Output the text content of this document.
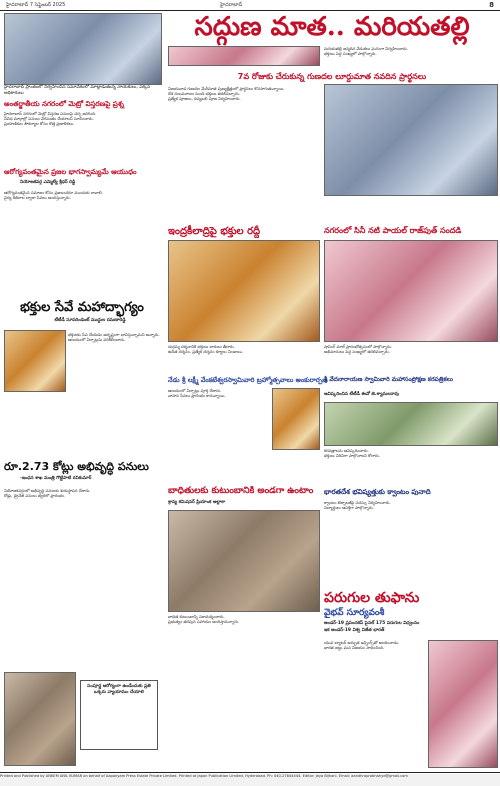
హైదరాబాద్ 7 సెప్టెంబర్ 2025	హైదరాబాద్	8
హైదరాబాద్ ప్రాంతంలో నిర్వహించిన సమావేశంలో మాట్లాడుతున్న నాయకులు, పక్కన అధికారులు
అంతర్జాతీయ నగరంలో మెట్రో విస్తరణపై ప్రశ్న
హైదరాబాద్ నగరంలో మెట్రో విస్తరణ పనులపై చర్చ జరిగింది.
వివిధ మార్గాల్లో పనులు వేగవంతం చేయాలని సూచించారు.
ప్రయాణికుల సౌకర్యాల కోసం కొత్త ప్రణాళికలు.
ఆరోగ్యవంతమైన ప్రజల భాగస్వామ్యమే ఆయుధం
నియోజకవర్గ ఎమ్మెల్యే శ్రీధర్ రెడ్డి
ఆరోగ్యవంతమైన సమాజం కోసం ప్రజలందరూ ముందుకు రావాలి.
వైద్య శిబిరాల ద్వారా సేవలు అందిస్తున్నారు.
భక్తుల సేవే మహాద్భాగ్యం
టీటీడీ సూపరిండెంట్ ముద్దుల రమణారెడ్డి
భక్తులకు సేవ చేయడం అదృష్టంగా భావిస్తున్నామని అన్నారు.
ఆలయంలో ఏర్పాట్లను పరిశీలించారు.
రూ.2.73 కోట్లు అభివృద్ధి పనులు
-ఇంధన శాఖ మంత్రి గొట్టిపాటి రవికుమార్
నియోజకవర్గంలో అభివృద్ధి పనులకు శంకుస్థాపన చేశారు.
రోడ్లు, డ్రైనేజీ పనులు త్వరలో ప్రారంభం.
సంపూర్ణ ఆరోగ్యంగా ఉండేందుకు ప్రతి ఒక్కరు వ్యాయామం చేయాలి
సద్గుణ మాత.. మరియతల్లి
మరియతల్లి జన్మదిన వేడుకలు ఘనంగా నిర్వహించారు.
భక్తులు పెద్ద సంఖ్యలో పాల్గొన్నారు.
7వ రోజుకు చేరుకున్న గుణదల లూర్దుమాత నవదిన ప్రార్థనలు
విజయవాడ గుణదల మేరీమాత పుణ్యక్షేత్రంలో ప్రార్థనలు కొనసాగుతున్నాయి.
దేశ నలుమూలల నుండి భక్తులు తరలివచ్చారు.
ప్రత్యేక పూజలు, దివ్యబలి పూజ నిర్వహించారు.
ఇంద్రకీలాద్రిపై భక్తుల రద్దీ
దుర్గమ్మ దర్శనానికి భక్తులు బారులు తీరారు.
ఉచిత దర్శనం, ప్రత్యేక దర్శనం క్యూలు నిండాయి.
నగరంలో సినీ నటి పాయల్ రాజ్‌పుత్ సందడి
షాపింగ్ మాల్ ప్రారంభోత్సవంలో పాల్గొన్నారు.
అభిమానులు పెద్ద సంఖ్యలో తరలివచ్చారు.
నేడు శ్రీ లక్ష్మీ వేంకటేశ్వరస్వామివారి బ్రహ్మోత్సవాలు అంకురార్పణ
ఆలయంలో ఏర్పాట్లు పూర్తి చేశారు.
వాహన సేవలు ప్రారంభం కానున్నాయి.
శ్రీ వేదనారాయణ స్వామివారి మహాసంప్రోక్షణ కరపత్రికలు
ఆవిష్కరించిన టీటీడీ ఈవో జె.శ్యామలరావు
కరపత్రాలను ఆవిష్కరించారు.
భక్తులు విరివిగా పాల్గొనాలని కోరారు.
బాధితులకు కుటుంబానికి అండగా ఉంటాం
శ్రావ్య కమిషనర్ ప్రియాంక అల్లాకా
బాధిత కుటుంబాన్ని పరామర్శించారు.
ప్రభుత్వం తరపున సహాయం అందిస్తామన్నారు.
భారతదేశ భవిష్యత్తుకు క్వాంటం పునాది
క్వాంటం టెక్నాలజీపై సదస్సు నిర్వహించారు.
విద్యార్థులు ఆసక్తిగా పాల్గొన్నారు.
పరుగుల తుఫాను
వైభవ్ సూర్యవంశీ
అండర్-19 ప్రపంచకప్ పైనల్ 175 పరుగుల విధ్వంసం
ఇక అండర్-19 విశ్వ విజేత భారత్
యువ బ్యాటర్ అద్భుత ఇన్నింగ్స్‌తో అలరించాడు.
భారత జట్టు ఘన విజయం సాధించింది.
Printed and Published by ANKEM ANIL KUMAR on behalf of Aapanyam Press Estate Private Limited. Printed at Japan Publication Limited, Hyderabad. Ph: 040-27844444. Editor: Jaya Bijhani. Email: aandhraprabhahyd@gmail.com
